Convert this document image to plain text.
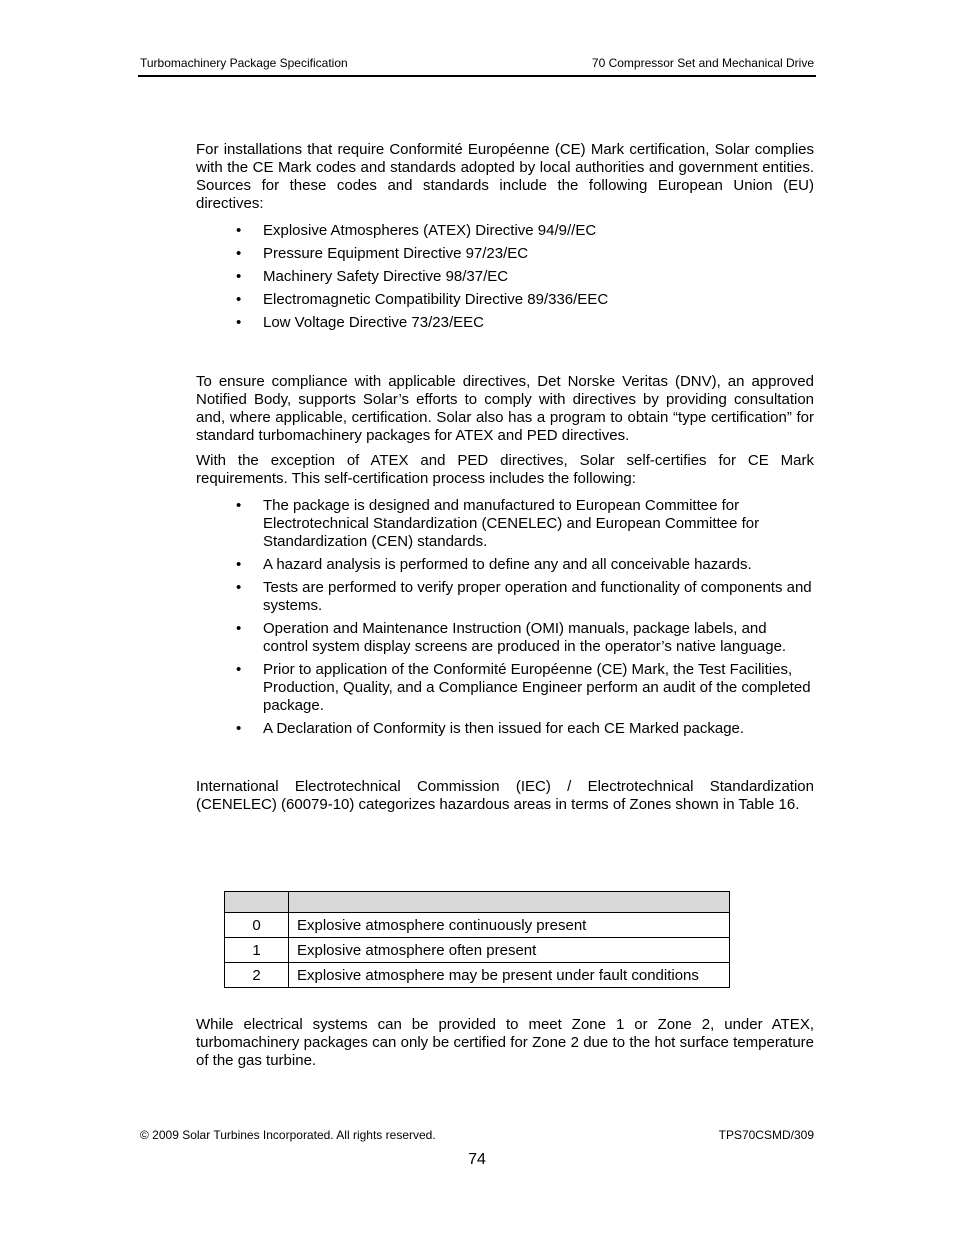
Turbomachinery Package Specification	70 Compressor Set and Mechanical Drive

For installations that require Conformité Européenne (CE) Mark certification, Solar complies with the CE Mark codes and standards adopted by local authorities and government entities. Sources for these codes and standards include the following European Union (EU) directives:

• Explosive Atmospheres (ATEX) Directive 94/9//EC
• Pressure Equipment Directive 97/23/EC
• Machinery Safety Directive 98/37/EC
• Electromagnetic Compatibility Directive 89/336/EEC
• Low Voltage Directive 73/23/EEC

To ensure compliance with applicable directives, Det Norske Veritas (DNV), an approved Notified Body, supports Solar’s efforts to comply with directives by providing consultation and, where applicable, certification. Solar also has a program to obtain “type certification” for standard turbomachinery packages for ATEX and PED directives.

With the exception of ATEX and PED directives, Solar self-certifies for CE Mark requirements. This self-certification process includes the following:

• The package is designed and manufactured to European Committee for Electrotechnical Standardization (CENELEC) and European Committee for Standardization (CEN) standards.
• A hazard analysis is performed to define any and all conceivable hazards.
• Tests are performed to verify proper operation and functionality of components and systems.
• Operation and Maintenance Instruction (OMI) manuals, package labels, and control system display screens are produced in the operator’s native language.
• Prior to application of the Conformité Européenne (CE) Mark, the Test Facilities, Production, Quality, and a Compliance Engineer perform an audit of the completed package.
• A Declaration of Conformity is then issued for each CE Marked package.

International Electrotechnical Commission (IEC) / Electrotechnical Standardization (CENELEC) (60079-10) categorizes hazardous areas in terms of Zones shown in Table 16.

0	Explosive atmosphere continuously present
1	Explosive atmosphere often present
2	Explosive atmosphere may be present under fault conditions

While electrical systems can be provided to meet Zone 1 or Zone 2, under ATEX, turbomachinery packages can only be certified for Zone 2 due to the hot surface temperature of the gas turbine.

© 2009 Solar Turbines Incorporated. All rights reserved.	TPS70CSMD/309
74
